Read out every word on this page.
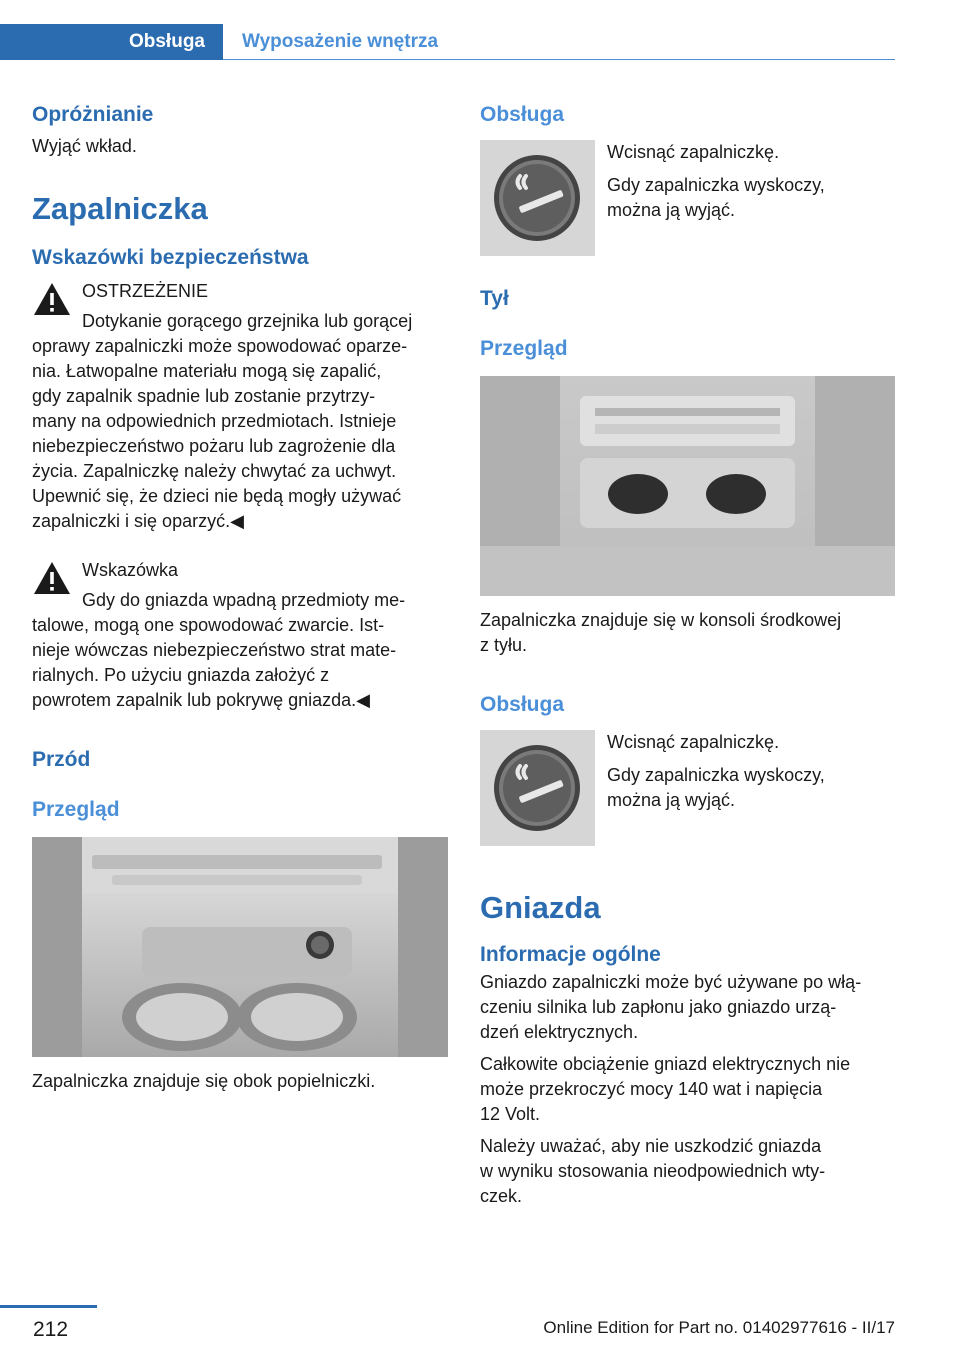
Obsługa	Wyposażenie wnętrza
Opróżnianie
Wyjąć wkład.
Zapalniczka
Wskazówki bezpieczeństwa
OSTRZEŻENIE
Dotykanie gorącego grzejnika lub gorącej
oprawy zapalniczki może spowodować oparze-
nia. Łatwopalne materiału mogą się zapalić,
gdy zapalnik spadnie lub zostanie przytrzy-
many na odpowiednich przedmiotach. Istnieje
niebezpieczeństwo pożaru lub zagrożenie dla
życia. Zapalniczkę należy chwytać za uchwyt.
Upewnić się, że dzieci nie będą mogły używać
zapalniczki i się oparzyć.◀
Wskazówka
Gdy do gniazda wpadną przedmioty me-
talowe, mogą one spowodować zwarcie. Ist-
nieje wówczas niebezpieczeństwo strat mate-
rialnych. Po użyciu gniazda założyć z
powrotem zapalnik lub pokrywę gniazda.◀
Przód
Przegląd
Zapalniczka znajduje się obok popielniczki.
Obsługa
Wcisnąć zapalniczkę.
Gdy zapalniczka wyskoczy,
można ją wyjąć.
Tył
Przegląd
Zapalniczka znajduje się w konsoli środkowej
z tyłu.
Obsługa
Wcisnąć zapalniczkę.
Gdy zapalniczka wyskoczy,
można ją wyjąć.
Gniazda
Informacje ogólne
Gniazdo zapalniczki może być używane po włą-
czeniu silnika lub zapłonu jako gniazdo urzą-
dzeń elektrycznych.
Całkowite obciążenie gniazd elektrycznych nie
może przekroczyć mocy 140 wat i napięcia
12 Volt.
Należy uważać, aby nie uszkodzić gniazda
w wyniku stosowania nieodpowiednich wty-
czek.
212	Online Edition for Part no. 01402977616 - II/17
